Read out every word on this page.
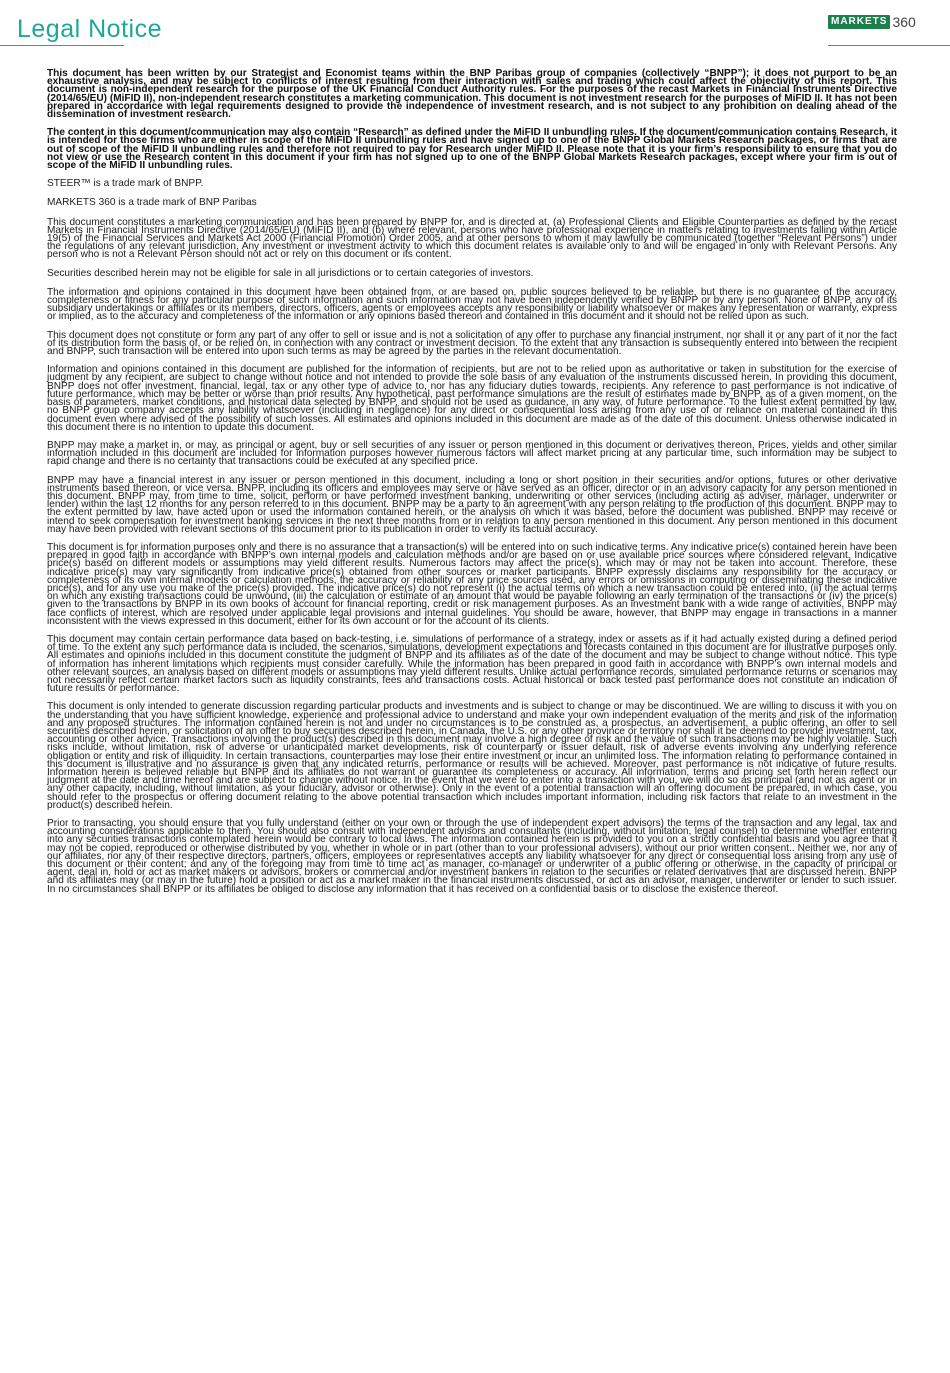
Legal Notice	MARKETS 360

This document has been written by our Strategist and Economist teams within the BNP Paribas group of companies (collectively “BNPP”); it does not purport to be an exhaustive analysis, and may be subject to conflicts of interest resulting from their interaction with sales and trading which could affect the objectivity of this report. This document is non-independent research for the purpose of the UK Financial Conduct Authority rules. For the purposes of the recast Markets in Financial Instruments Directive (2014/65/EU) (MiFID II), non-independent research constitutes a marketing communication. This document is not investment research for the purposes of MiFID II. It has not been prepared in accordance with legal requirements designed to provide the independence of investment research, and is not subject to any prohibition on dealing ahead of the dissemination of investment research.

The content in this document/communication may also contain “Research” as defined under the MiFID II unbundling rules. If the document/communication contains Research, it is intended for those firms who are either in scope of the MiFID II unbundling rules and have signed up to one of the BNPP Global Markets Research packages, or firms that are out of scope of the MiFID II unbundling rules and therefore not required to pay for Research under MiFID II. Please note that it is your firm’s responsibility to ensure that you do not view or use the Research content in this document if your firm has not signed up to one of the BNPP Global Markets Research packages, except where your firm is out of scope of the MiFID II unbundling rules.

STEER™ is a trade mark of BNPP.

MARKETS 360 is a trade mark of BNP Paribas

This document constitutes a marketing communication and has been prepared by BNPP for, and is directed at, (a) Professional Clients and Eligible Counterparties as defined by the recast Markets in Financial Instruments Directive (2014/65/EU) (MiFID II), and (b) where relevant, persons who have professional experience in matters relating to investments falling within Article 19(5) of the Financial Services and Markets Act 2000 (Financial Promotion) Order 2005, and at other persons to whom it may lawfully be communicated (together “Relevant Persons”) under the regulations of any relevant jurisdiction. Any investment or investment activity to which this document relates is available only to and will be engaged in only with Relevant Persons. Any person who is not a Relevant Person should not act or rely on this document or its content.

Securities described herein may not be eligible for sale in all jurisdictions or to certain categories of investors.

The information and opinions contained in this document have been obtained from, or are based on, public sources believed to be reliable, but there is no guarantee of the accuracy, completeness or fitness for any particular purpose of such information and such information may not have been independently verified by BNPP or by any person. None of BNPP, any of its subsidiary undertakings or affiliates or its members, directors, officers, agents or employees accepts any responsibility or liability whatsoever or makes any representation or warranty, express or implied, as to the accuracy and completeness of the information or any opinions based thereon and contained in this document and it should not be relied upon as such.

This document does not constitute or form any part of any offer to sell or issue and is not a solicitation of any offer to purchase any financial instrument, nor shall it or any part of it nor the fact of its distribution form the basis of, or be relied on, in connection with any contract or investment decision. To the extent that any transaction is subsequently entered into between the recipient and BNPP, such transaction will be entered into upon such terms as may be agreed by the parties in the relevant documentation.

Information and opinions contained in this document are published for the information of recipients, but are not to be relied upon as authoritative or taken in substitution for the exercise of judgment by any recipient, are subject to change without notice and not intended to provide the sole basis of any evaluation of the instruments discussed herein. In providing this document, BNPP does not offer investment, financial, legal, tax or any other type of advice to, nor has any fiduciary duties towards, recipients. Any reference to past performance is not indicative of future performance, which may be better or worse than prior results. Any hypothetical, past performance simulations are the result of estimates made by BNPP, as of a given moment, on the basis of parameters, market conditions, and historical data selected by BNPP, and should not be used as guidance, in any way, of future performance. To the fullest extent permitted by law, no BNPP group company accepts any liability whatsoever (including in negligence) for any direct or consequential loss arising from any use of or reliance on material contained in this document even where advised of the possibility of such losses. All estimates and opinions included in this document are made as of the date of this document. Unless otherwise indicated in this document there is no intention to update this document.

BNPP may make a market in, or may, as principal or agent, buy or sell securities of any issuer or person mentioned in this document or derivatives thereon. Prices, yields and other similar information included in this document are included for information purposes however numerous factors will affect market pricing at any particular time, such information may be subject to rapid change and there is no certainty that transactions could be executed at any specified price.

BNPP may have a financial interest in any issuer or person mentioned in this document, including a long or short position in their securities and/or options, futures or other derivative instruments based thereon, or vice versa. BNPP, including its officers and employees may serve or have served as an officer, director or in an advisory capacity for any person mentioned in this document. BNPP may, from time to time, solicit, perform or have performed investment banking, underwriting or other services (including acting as adviser, manager, underwriter or lender) within the last 12 months for any person referred to in this document. BNPP may be a party to an agreement with any person relating to the production of this document. BNPP may to the extent permitted by law, have acted upon or used the information contained herein, or the analysis on which it was based, before the document was published. BNPP may receive or intend to seek compensation for investment banking services in the next three months from or in relation to any person mentioned in this document. Any person mentioned in this document may have been provided with relevant sections of this document prior to its publication in order to verify its factual accuracy.

This document is for information purposes only and there is no assurance that a transaction(s) will be entered into on such indicative terms. Any indicative price(s) contained herein have been prepared in good faith in accordance with BNPP’s own internal models and calculation methods and/or are based on or use available price sources where considered relevant. Indicative price(s) based on different models or assumptions may yield different results. Numerous factors may affect the price(s), which may or may not be taken into account. Therefore, these indicative price(s) may vary significantly from indicative price(s) obtained from other sources or market participants. BNPP expressly disclaims any responsibility for the accuracy or completeness of its own internal models or calculation methods, the accuracy or reliability of any price sources used, any errors or omissions in computing or disseminating these indicative price(s), and for any use you make of the price(s) provided. The indicative price(s) do not represent (i) the actual terms on which a new transaction could be entered into, (ii) the actual terms on which any existing transactions could be unwound, (iii) the calculation or estimate of an amount that would be payable following an early termination of the transactions or (iv) the price(s) given to the transactions by BNPP in its own books of account for financial reporting, credit or risk management purposes. As an investment bank with a wide range of activities, BNPP may face conflicts of interest, which are resolved under applicable legal provisions and internal guidelines. You should be aware, however, that BNPP may engage in transactions in a manner inconsistent with the views expressed in this document, either for its own account or for the account of its clients.

This document may contain certain performance data based on back-testing, i.e. simulations of performance of a strategy, index or assets as if it had actually existed during a defined period of time. To the extent any such performance data is included, the scenarios, simulations, development expectations and forecasts contained in this document are for illustrative purposes only. All estimates and opinions included in this document constitute the judgment of BNPP and its affiliates as of the date of the document and may be subject to change without notice. This type of information has inherent limitations which recipients must consider carefully. While the information has been prepared in good faith in accordance with BNPP’s own internal models and other relevant sources, an analysis based on different models or assumptions may yield different results. Unlike actual performance records, simulated performance returns or scenarios may not necessarily reflect certain market factors such as liquidity constraints, fees and transactions costs. Actual historical or back tested past performance does not constitute an indication of future results or performance.

This document is only intended to generate discussion regarding particular products and investments and is subject to change or may be discontinued. We are willing to discuss it with you on the understanding that you have sufficient knowledge, experience and professional advice to understand and make your own independent evaluation of the merits and risk of the information and any proposed structures. The information contained herein is not and under no circumstances is to be construed as, a prospectus, an advertisement, a public offering, an offer to sell securities described herein, or solicitation of an offer to buy securities described herein, in Canada, the U.S. or any other province or territory nor shall it be deemed to provide investment, tax, accounting or other advice. Transactions involving the product(s) described in this document may involve a high degree of risk and the value of such transactions may be highly volatile. Such risks include, without limitation, risk of adverse or unanticipated market developments, risk of counterparty or issuer default, risk of adverse events involving any underlying reference obligation or entity and risk of illiquidity. In certain transactions, counterparties may lose their entire investment or incur an unlimited loss. The information relating to performance contained in this document is illustrative and no assurance is given that any indicated returns, performance or results will be achieved. Moreover, past performance is not indicative of future results. Information herein is believed reliable but BNPP and its affiliates do not warrant or guarantee its completeness or accuracy. All information, terms and pricing set forth herein reflect our judgment at the date and time hereof and are subject to change without notice. In the event that we were to enter into a transaction with you, we will do so as principal (and not as agent or in any other capacity, including, without limitation, as your fiduciary, advisor or otherwise). Only in the event of a potential transaction will an offering document be prepared, in which case, you should refer to the prospectus or offering document relating to the above potential transaction which includes important information, including risk factors that relate to an investment in the product(s) described herein.

Prior to transacting, you should ensure that you fully understand (either on your own or through the use of independent expert advisors) the terms of the transaction and any legal, tax and accounting considerations applicable to them. You should also consult with independent advisors and consultants (including, without limitation, legal counsel) to determine whether entering into any securities transactions contemplated herein would be contrary to local laws. The information contained herein is provided to you on a strictly confidential basis and you agree that it may not be copied, reproduced or otherwise distributed by you, whether in whole or in part (other than to your professional advisers), without our prior written consent.. Neither we, nor any of our affiliates, nor any of their respective directors, partners, officers, employees or representatives accepts any liability whatsoever for any direct or consequential loss arising from any use of this document or their content; and any of the foregoing may from time to time act as manager, co-manager or underwriter of a public offering or otherwise, in the capacity of principal or agent, deal in, hold or act as market makers or advisors, brokers or commercial and/or investment bankers in relation to the securities or related derivatives that are discussed herein. BNPP and its affiliates may (or may in the future) hold a position or act as a market maker in the financial instruments discussed, or act as an advisor, manager, underwriter or lender to such issuer. In no circumstances shall BNPP or its affiliates be obliged to disclose any information that it has received on a confidential basis or to disclose the existence thereof.
